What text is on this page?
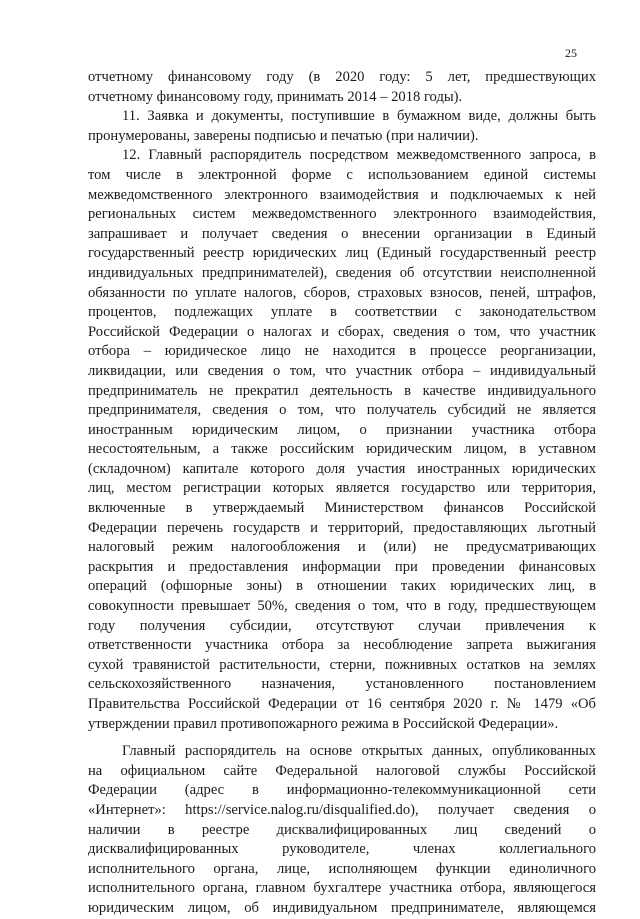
25
отчетному финансовому году (в 2020 году: 5 лет, предшествующих
отчетному финансовому году, принимать 2014 – 2018 годы).
11. Заявка и документы, поступившие в бумажном виде, должны быть
пронумерованы, заверены подписью и печатью (при наличии).
12. Главный распорядитель посредством межведомственного запроса, в
том числе в электронной форме с использованием единой системы
межведомственного электронного взаимодействия и подключаемых к ней
региональных систем межведомственного электронного взаимодействия,
запрашивает и получает сведения о внесении организации в Единый
государственный реестр юридических лиц (Единый государственный реестр
индивидуальных предпринимателей), сведения об отсутствии неисполненной
обязанности по уплате налогов, сборов, страховых взносов, пеней, штрафов,
процентов, подлежащих уплате в соответствии с законодательством
Российской Федерации о налогах и сборах, сведения о том, что участник
отбора – юридическое лицо не находится в процессе реорганизации,
ликвидации, или сведения о том, что участник отбора – индивидуальный
предприниматель не прекратил деятельность в качестве индивидуального
предпринимателя, сведения о том, что получатель субсидий не является
иностранным юридическим лицом, о признании участника отбора
несостоятельным, а также российским юридическим лицом, в уставном
(складочном) капитале которого доля участия иностранных юридических
лиц, местом регистрации которых является государство или территория,
включенные в утверждаемый Министерством финансов Российской
Федерации перечень государств и территорий, предоставляющих льготный
налоговый режим налогообложения и (или) не предусматривающих
раскрытия и предоставления информации при проведении финансовых
операций (офшорные зоны) в отношении таких юридических лиц, в
совокупности превышает 50%, сведения о том, что в году, предшествующем
году получения субсидии, отсутствуют случаи привлечения к
ответственности участника отбора за несоблюдение запрета выжигания
сухой травянистой растительности, стерни, пожнивных остатков на землях
сельскохозяйственного назначения, установленного постановлением
Правительства Российской Федерации от 16 сентября 2020 г. № 1479 «Об
утверждении правил противопожарного режима в Российской Федерации».
Главный распорядитель на основе открытых данных, опубликованных
на официальном сайте Федеральной налоговой службы Российской
Федерации (адрес в информационно-телекоммуникационной сети
«Интернет»: https://service.nalog.ru/disqualified.do), получает сведения о
наличии в реестре дисквалифицированных лиц сведений о
дисквалифицированных руководителе, членах коллегиального
исполнительного органа, лице, исполняющем функции единоличного
исполнительного органа, главном бухгалтере участника отбора, являющегося
юридическим лицом, об индивидуальном предпринимателе, являющемся
